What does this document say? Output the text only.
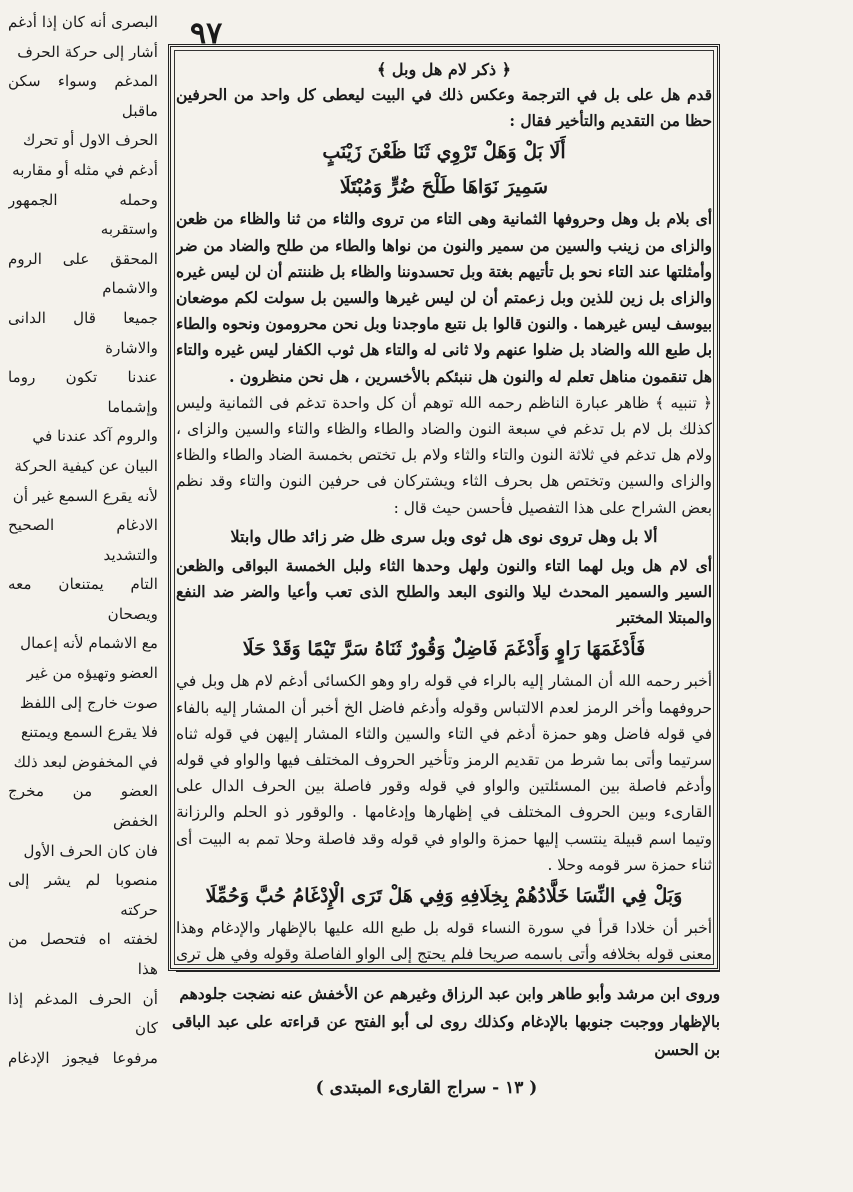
٩٧
البصرى أنه كان إذا أدغم
أشار إلى حركة الحرف
المدغم وسواء سكن ماقبل
الحرف الاول أو تحرك
أدغم في مثله أو مقاربه
وحمله الجمهور واستقربه
المحقق على الروم والاشمام
جميعا قال الدانى والاشارة
عندنا تكون روما وإشماما
والروم آكد عندنا في
البيان عن كيفية الحركة
لأنه يقرع السمع غير أن
الادغام الصحيح والتشديد
التام يمتنعان معه ويصحان
مع الاشمام لأنه إعمال
العضو وتهيؤه من غير
صوت خارج إلى اللفظ
فلا يقرع السمع ويمتنع
في المخفوض لبعد ذلك
العضو من مخرج الخفض
فان كان الحرف الأول
منصوبا لم يشر إلى حركته
لخفته اه فتحصل من هذا
أن الحرف المدغم إذا كان
مرفوعا فيجوز الإدغام

﴿ ذكر لام هل وبل ﴾

قدم هل على بل في الترجمة وعكس ذلك في البيت ليعطى كل واحد من الحرفين حظا من التقديم والتأخير فقال :

أَلَا بَلْ وَهَلْ تَرْوِي ثَنَا ظَعْنَ زَيْنَبٍ

سَمِيرَ نَوَاهَا طَلْحَ ضُرٍّ وَمُبْتَلَا

أى بلام بل وهل وحروفها الثمانية وهى التاء من تروى والثاء من ثنا والظاء من ظعن والزاى من زينب والسين من سمير والنون من نواها والطاء من طلح والضاد من ضر وأمثلتها عند التاء نحو بل تأتيهم بغتة وبل تحسدوننا والظاء بل ظننتم أن لن ليس غيره والزاى بل زين للذين وبل زعمتم أن لن ليس غيرها والسين بل سولت لكم موضعان بيوسف ليس غيرهما . والنون قالوا بل نتبع ماوجدنا وبل نحن محرومون ونحوه والطاء بل طبع الله والضاد بل ضلوا عنهم ولا ثانى له والتاء هل ثوب الكفار ليس غيره والتاء هل تنقمون مناهل تعلم له والنون هل ننبئكم بالأخسرين ، هل نحن منظرون .

﴿ تنبيه ﴾ ظاهر عبارة الناظم رحمه الله توهم أن كل واحدة تدغم فى الثمانية وليس كذلك بل لام بل تدغم في سبعة النون والضاد والطاء والظاء والتاء والسين والزاى ، ولام هل تدغم في ثلاثة النون والتاء والثاء ولام بل تختص بخمسة الضاد والطاء والظاء والزاى والسين وتختص هل بحرف الثاء ويشتركان فى حرفين النون والتاء وقد نظم بعض الشراح على هذا التفصيل فأحسن حيث قال :

ألا بل وهل تروى نوى هل ثوى وبل سرى ظل ضر زائد طال وابتلا

أى لام هل وبل لهما التاء والنون ولهل وحدها الثاء ولبل الخمسة البواقى والظعن السير والسمير المحدث ليلا والنوى البعد والطلح الذى تعب وأعيا والضر ضد النفع والمبتلا المختبر

فَأَدْغَمَهَا رَاوٍ وَأَدْغَمَ فَاضِلٌ وَقُورٌ ثَنَاهُ سَرَّ تَيْمًا وَقَدْ حَلَا

أخبر رحمه الله أن المشار إليه بالراء في قوله راو وهو الكسائى أدغم لام هل وبل في حروفهما وأخر الرمز لعدم الالتباس وقوله وأدغم فاضل الخ أخبر أن المشار إليه بالفاء في قوله فاضل وهو حمزة أدغم في التاء والسين والثاء المشار إليهن في قوله ثناه سرتيما وأتى بما شرط من تقديم الرمز وتأخير الحروف المختلف فيها والواو في قوله وأدغم فاصلة بين المسئلتين والواو في قوله وقور فاصلة بين الحرف الدال على القارىء وبين الحروف المختلف في إظهارها وإدغامها . والوقور ذو الحلم والرزانة وتيما اسم قبيلة ينتسب إليها حمزة والواو في قوله وقد فاصلة وحلا تمم به البيت أى ثناء حمزة سر قومه وحلا .

وَبَلْ فِي النِّسَا خَلَّادُهُمْ بِخِلَافِهِ وَفِي هَلْ تَرَى الْإِدْغَامُ حُبَّ وَحُمِّلَا

أخبر أن خلادا قرأ في سورة النساء قوله بل طبع الله عليها بالإظهار والإدغام وهذا معنى قوله بخلافه وأتى باسمه صريحا فلم يحتج إلى الواو الفاصلة وقوله وفي هل ترى

وروى ابن مرشد وأبو طاهر وابن عبد الرزاق وغيرهم عن الأخفش عنه نضجت جلودهم

بالإظهار ووجبت جنوبها بالإدغام وكذلك روى لى أبو الفتح عن قراءته على عبد الباقى بن الحسن

( ١٣ - سراج القارىء المبتدى )
